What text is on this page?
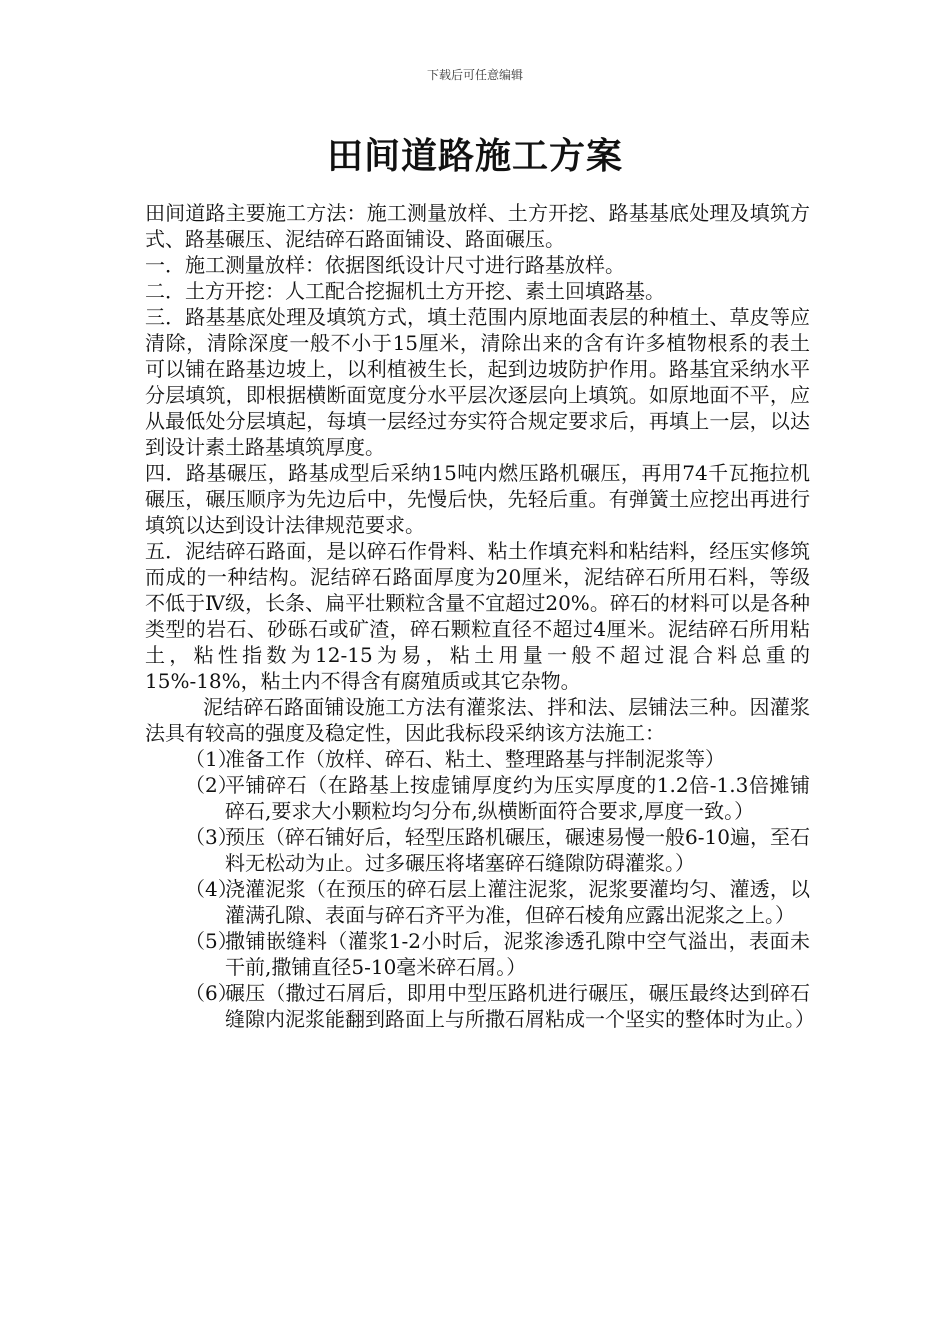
下载后可任意编辑
田间道路施工方案

田间道路主要施工方法：施工测量放样、土方开挖、路基基底处理及填筑方式、路基碾压、泥结碎石路面铺设、路面碾压。

一．施工测量放样：依据图纸设计尺寸进行路基放样。

二．土方开挖：人工配合挖掘机土方开挖、素土回填路基。

三．路基基底处理及填筑方式，填土范围内原地面表层的种植土、草皮等应清除，清除深度一般不小于15厘米，清除出来的含有许多植物根系的表土可以铺在路基边坡上，以利植被生长，起到边坡防护作用。路基宜采纳水平分层填筑，即根据横断面宽度分水平层次逐层向上填筑。如原地面不平，应从最低处分层填起，每填一层经过夯实符合规定要求后，再填上一层，以达到设计素土路基填筑厚度。

四．路基碾压，路基成型后采纳15吨内燃压路机碾压，再用74千瓦拖拉机碾压，碾压顺序为先边后中，先慢后快，先轻后重。有弹簧土应挖出再进行填筑以达到设计法律规范要求。

五．泥结碎石路面，是以碎石作骨料、粘土作填充料和粘结料，经压实修筑而成的一种结构。泥结碎石路面厚度为20厘米，泥结碎石所用石料，等级不低于Ⅳ级，长条、扁平壮颗粒含量不宜超过20%。碎石的材料可以是各种类型的岩石、砂砾石或矿渣，碎石颗粒直径不超过4厘米。泥结碎石所用粘土，粘性指数为12-15为易，粘土用量一般不超过混合料总重的15%-18%，粘土内不得含有腐殖质或其它杂物。

泥结碎石路面铺设施工方法有灌浆法、拌和法、层铺法三种。因灌浆法具有较高的强度及稳定性，因此我标段采纳该方法施工：

（1）
准备工作（放样、碎石、粘土、整理路基与拌制泥浆等）
（2）
平铺碎石（在路基上按虚铺厚度约为压实厚度的1.2倍-1.3倍摊铺碎石,要求大小颗粒均匀分布,纵横断面符合要求,厚度一致。）
（3）
预压（碎石铺好后，轻型压路机碾压，碾速易慢一般6-10遍，至石料无松动为止。过多碾压将堵塞碎石缝隙防碍灌浆。）
（4）
浇灌泥浆（在预压的碎石层上灌注泥浆，泥浆要灌均匀、灌透，以灌满孔隙、表面与碎石齐平为准，但碎石棱角应露出泥浆之上。）
（5）
撒铺嵌缝料（灌浆1-2小时后，泥浆渗透孔隙中空气溢出，表面未干前,撒铺直径5-10毫米碎石屑。）
（6）
碾压（撒过石屑后，即用中型压路机进行碾压，碾压最终达到碎石缝隙内泥浆能翻到路面上与所撒石屑粘成一个坚实的整体时为止。）
